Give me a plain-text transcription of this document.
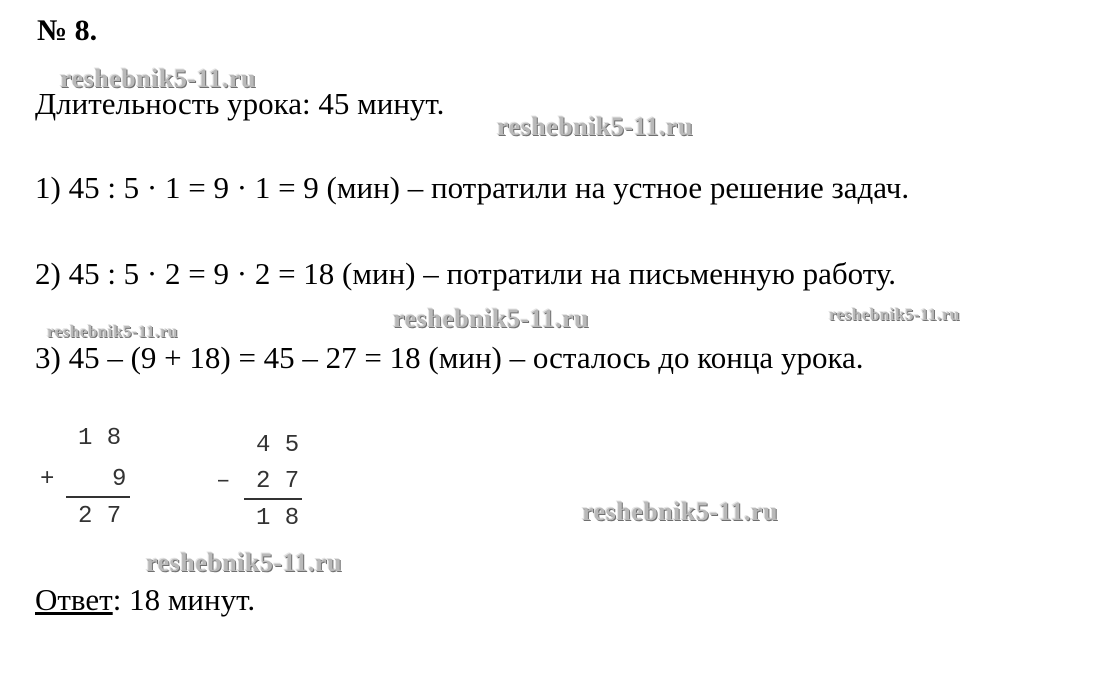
№ 8.
reshebnik5-11.ru
Длительность урока: 45 минут.
reshebnik5-11.ru
1) 45 : 5 · 1 = 9 · 1 = 9 (мин) – потратили на устное решение задач.
2) 45 : 5 · 2 = 9 · 2 = 18 (мин) – потратили на письменную работу.
reshebnik5-11.ru	reshebnik5-11.ru	reshebnik5-11.ru
3) 45 – (9 + 18) = 45 – 27 = 18 (мин) – осталось до конца урока.
1 8
+ 9
2 7
4 5
– 2 7
1 8	reshebnik5-11.ru
reshebnik5-11.ru
Ответ: 18 минут.
